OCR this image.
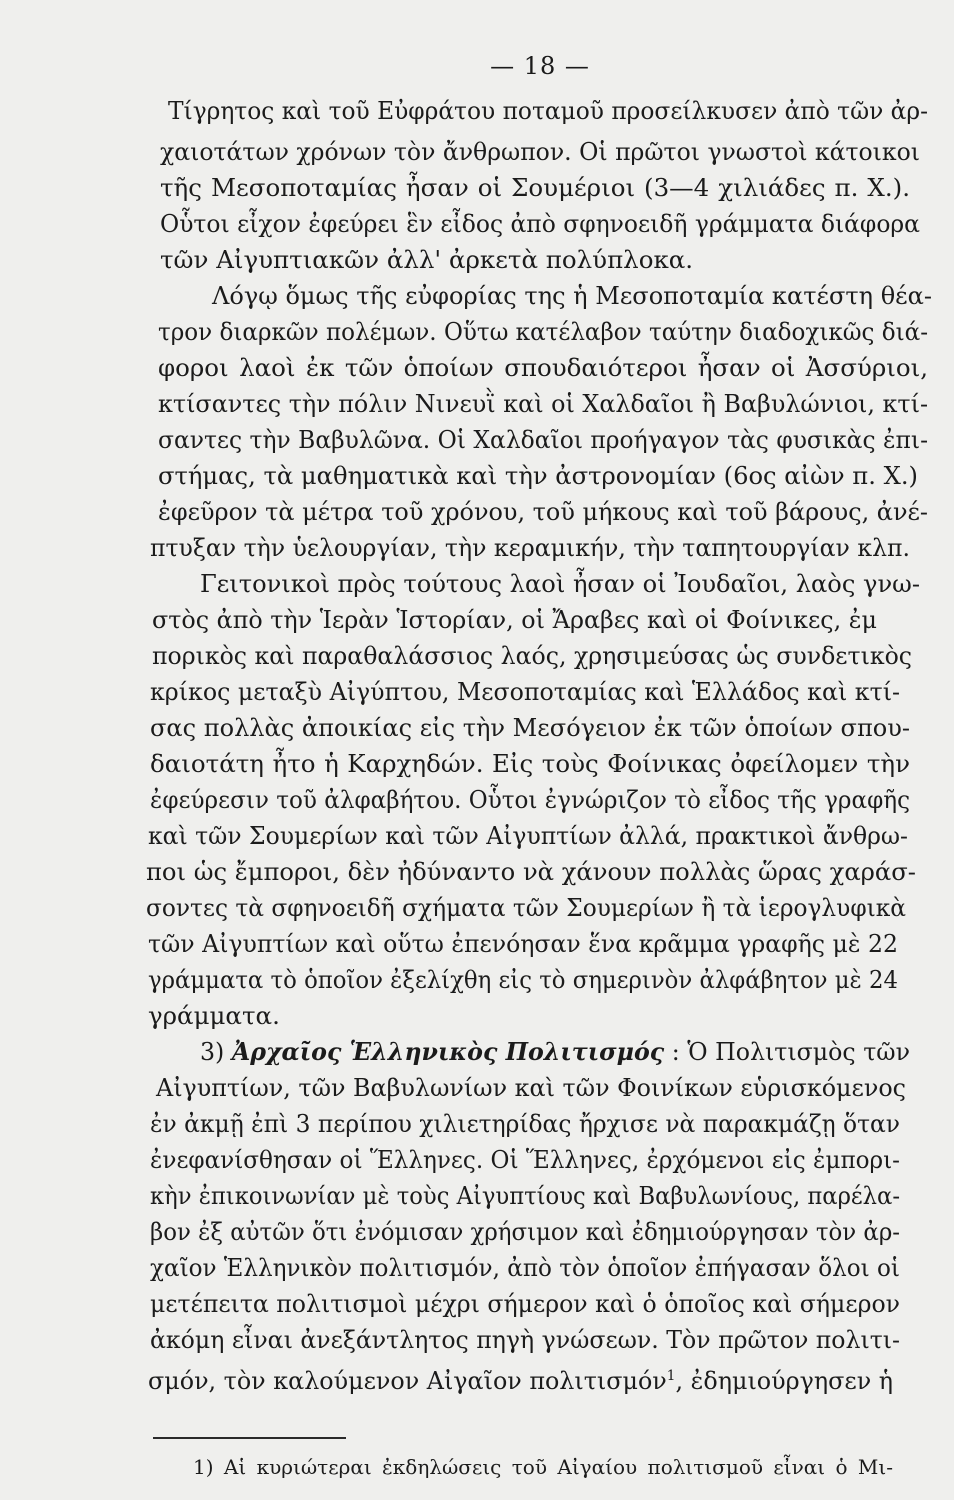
— 18 —
Τίγρητος καὶ τοῦ Εὐφράτου ποταμοῦ προσείλκυσεν ἀπὸ τῶν ἀρ-
χαιοτάτων χρόνων τὸν ἄνθρωπον. Οἱ πρῶτοι γνωστοὶ κάτοικοι
τῆς Μεσοποταμίας ἦσαν οἱ Σουμέριοι (3—4 χιλιάδες π. Χ.).
Οὗτοι εἶχον ἐφεύρει ἓν εἶδος ἀπὸ σφηνοειδῆ γράμματα διάφορα
τῶν Αἰγυπτιακῶν ἀλλ' ἀρκετὰ πολύπλοκα.
Λόγῳ ὅμως τῆς εὐφορίας της ἡ Μεσοποταμία κατέστη θέα-
τρον διαρκῶν πολέμων. Οὕτω κατέλαβον ταύτην διαδοχικῶς διά-
φοροι λαοὶ ἐκ τῶν ὁποίων σπουδαιότεροι ἦσαν οἱ Ἀσσύριοι,
κτίσαντες τὴν πόλιν Νινευῒ καὶ οἱ Χαλδαῖοι ἢ Βαβυλώνιοι, κτί-
σαντες τὴν Βαβυλῶνα. Οἱ Χαλδαῖοι προήγαγον τὰς φυσικὰς ἐπι-
στήμας, τὰ μαθηματικὰ καὶ τὴν ἀστρονομίαν (6ος αἰὼν π. Χ.)
ἐφεῦρον τὰ μέτρα τοῦ χρόνου, τοῦ μήκους καὶ τοῦ βάρους, ἀνέ-
πτυξαν τὴν ὑελουργίαν, τὴν κεραμικήν, τὴν ταπητουργίαν κλπ.
Γειτονικοὶ πρὸς τούτους λαοὶ ἦσαν οἱ Ἰουδαῖοι, λαὸς γνω-
στὸς ἀπὸ τὴν Ἱερὰν Ἱστορίαν, οἱ Ἄραβες καὶ οἱ Φοίνικες, ἐμ
πορικὸς καὶ παραθαλάσσιος λαός, χρησιμεύσας ὡς συνδετικὸς
κρίκος μεταξὺ Αἰγύπτου, Μεσοποταμίας καὶ Ἑλλάδος καὶ κτί-
σας πολλὰς ἀποικίας εἰς τὴν Μεσόγειον ἐκ τῶν ὁποίων σπου-
δαιοτάτη ἦτο ἡ Καρχηδών. Εἰς τοὺς Φοίνικας ὀφείλομεν τὴν
ἐφεύρεσιν τοῦ ἀλφαβήτου. Οὗτοι ἐγνώριζον τὸ εἶδος τῆς γραφῆς
καὶ τῶν Σουμερίων καὶ τῶν Αἰγυπτίων ἀλλά, πρακτικοὶ ἄνθρω-
ποι ὡς ἔμποροι, δὲν ἠδύναντο νὰ χάνουν πολλὰς ὥρας χαράσ-
σοντες τὰ σφηνοειδῆ σχήματα τῶν Σουμερίων ἢ τὰ ἱερογλυφικὰ
τῶν Αἰγυπτίων καὶ οὕτω ἐπενόησαν ἕνα κρᾶμμα γραφῆς μὲ 22
γράμματα τὸ ὁποῖον ἐξελίχθη εἰς τὸ σημερινὸν ἀλφάβητον μὲ 24
γράμματα.
3) Ἀρχαῖος Ἑλληνικὸς Πολιτισμός : Ὁ Πολιτισμὸς τῶν
Αἰγυπτίων, τῶν Βαβυλωνίων καὶ τῶν Φοινίκων εὑρισκόμενος
ἐν ἀκμῇ ἐπὶ 3 περίπου χιλιετηρίδας ἤρχισε νὰ παρακμάζῃ ὅταν
ἐνεφανίσθησαν οἱ Ἕλληνες. Οἱ Ἕλληνες, ἐρχόμενοι εἰς ἐμπορι-
κὴν ἐπικοινωνίαν μὲ τοὺς Αἰγυπτίους καὶ Βαβυλωνίους, παρέλα-
βον ἐξ αὐτῶν ὅτι ἐνόμισαν χρήσιμον καὶ ἐδημιούργησαν τὸν ἀρ-
χαῖον Ἑλληνικὸν πολιτισμόν, ἀπὸ τὸν ὁποῖον ἐπήγασαν ὅλοι οἱ
μετέπειτα πολιτισμοὶ μέχρι σήμερον καὶ ὁ ὁποῖος καὶ σήμερον
ἀκόμη εἶναι ἀνεξάντλητος πηγὴ γνώσεων. Τὸν πρῶτον πολιτι-
σμόν, τὸν καλούμενον Αἰγαῖον πολιτισμόν$^1$, ἐδημιούργησεν ἡ
1) Αἱ κυριώτεραι ἐκδηλώσεις τοῦ Αἰγαίου πολιτισμοῦ εἶναι ὁ Μι-
